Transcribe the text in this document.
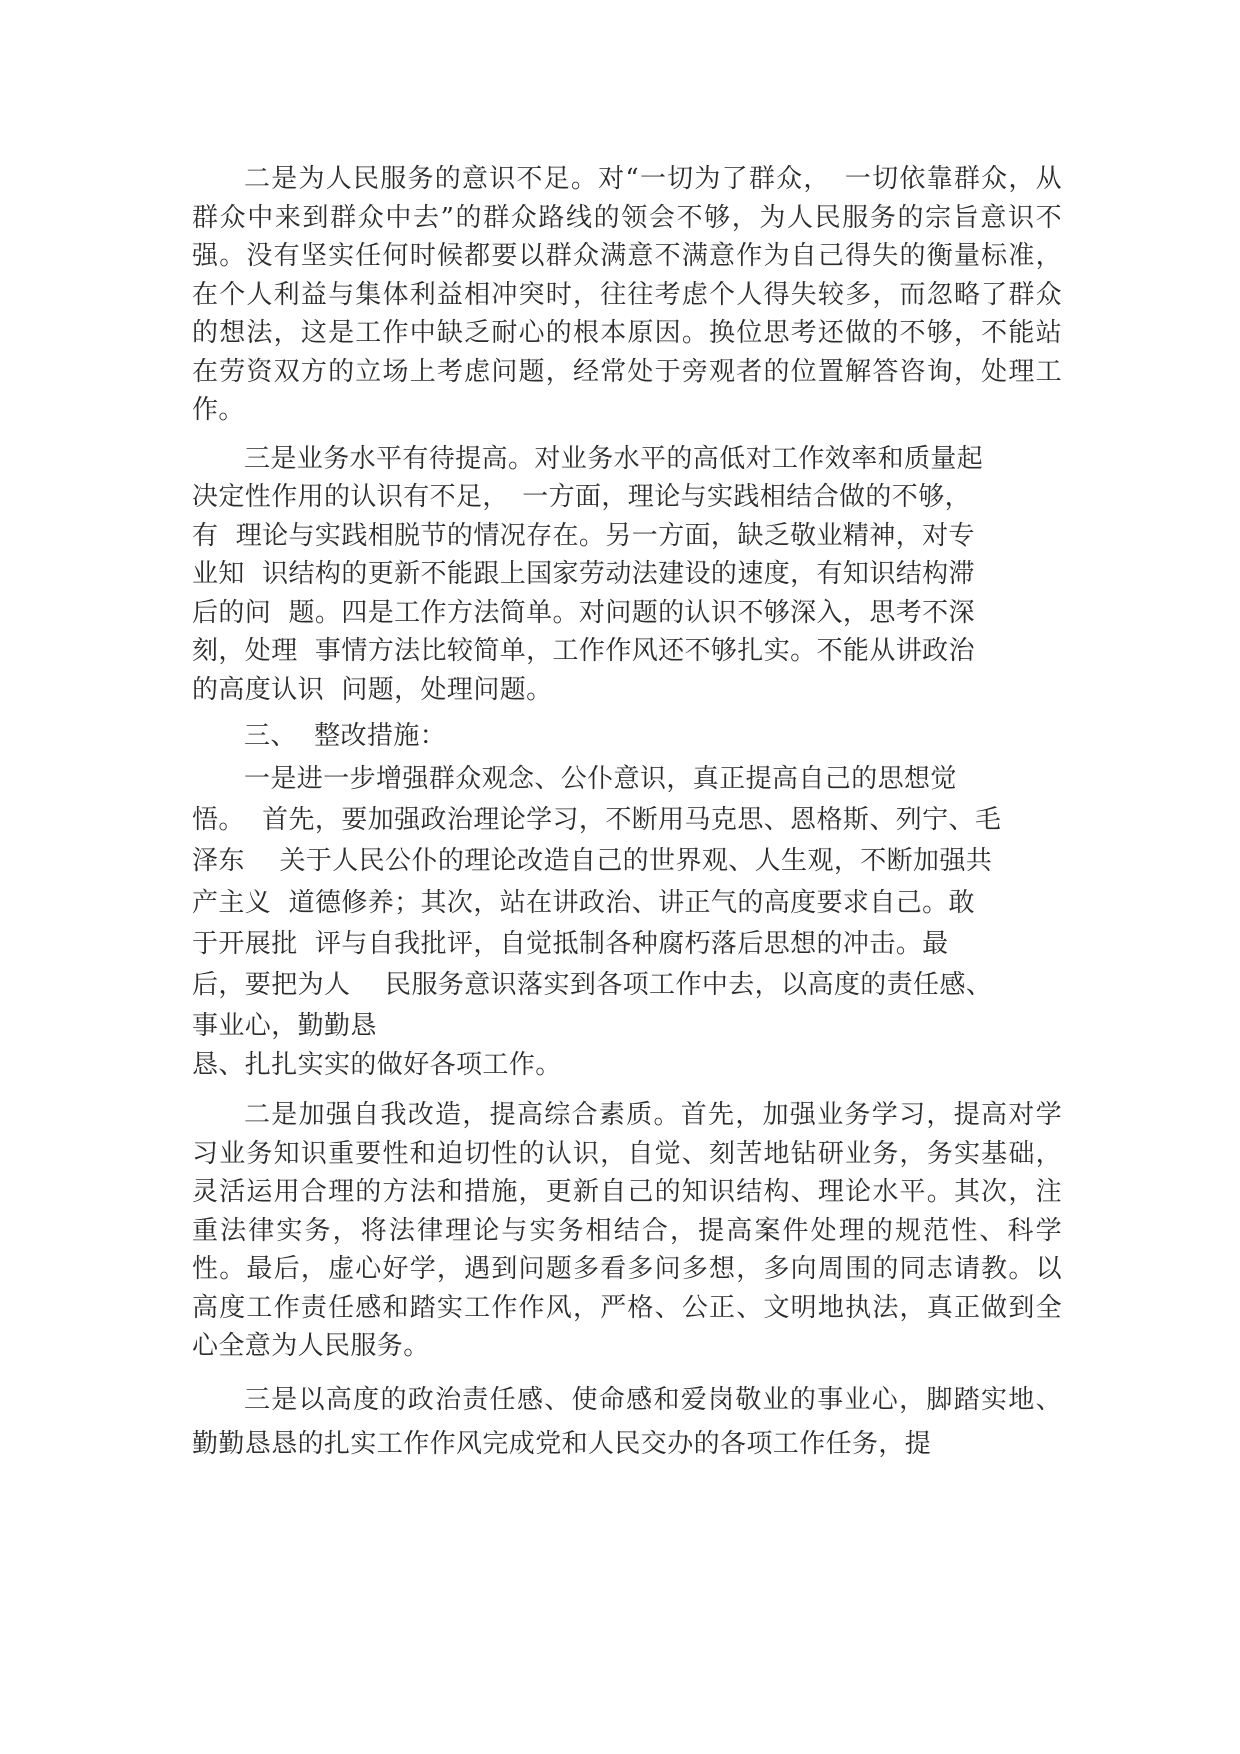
二是为人民服务的意识不足。对“一切为了群众，　一切依靠群众，从群众中来到群众中去”的群众路线的领会不够，为人民服务的宗旨意识不强。没有坚实任何时候都要以群众满意不满意作为自己得失的衡量标准，在个人利益与集体利益相冲突时，往往考虑个人得失较多，而忽略了群众的想法，这是工作中缺乏耐心的根本原因。换位思考还做的不够，不能站在劳资双方的立场上考虑问题，经常处于旁观者的位置解答咨询，处理工作。

三是业务水平有待提高。对业务水平的高低对工作效率和质量起
决定性作用的认识有不足，　一方面，理论与实践相结合做的不够，
有  理论与实践相脱节的情况存在。另一方面，缺乏敬业精神，对专
业知  识结构的更新不能跟上国家劳动法建设的速度，有知识结构滞
后的问  题。四是工作方法简单。对问题的认识不够深入，思考不深
刻，处理  事情方法比较简单，工作作风还不够扎实。不能从讲政治
的高度认识  问题，处理问题。
三、  整改措施：
一是进一步增强群众观念、公仆意识，真正提高自己的思想觉
悟。  首先，要加强政治理论学习，不断用马克思、恩格斯、列宁、毛
泽东    关于人民公仆的理论改造自己的世界观、人生观，不断加强共
产主义  道德修养；其次，站在讲政治、讲正气的高度要求自己。敢
于开展批  评与自我批评，自觉抵制各种腐朽落后思想的冲击。最
后，要把为人    民服务意识落实到各项工作中去，以高度的责任感、
事业心，勤勤恳
恳、扎扎实实的做好各项工作。

二是加强自我改造，提高综合素质。首先，加强业务学习，提高对学习业务知识重要性和迫切性的认识，自觉、刻苦地钻研业务，务实基础，灵活运用合理的方法和措施，更新自己的知识结构、理论水平。其次，注重法律实务，将法律理论与实务相结合，提高案件处理的规范性、科学性。最后，虚心好学，遇到问题多看多问多想，多向周围的同志请教。以高度工作责任感和踏实工作作风，严格、公正、文明地执法，真正做到全心全意为人民服务。

三是以高度的政治责任感、使命感和爱岗敬业的事业心，脚踏实地、勤勤恳恳的扎实工作作风完成党和人民交办的各项工作任务，提
